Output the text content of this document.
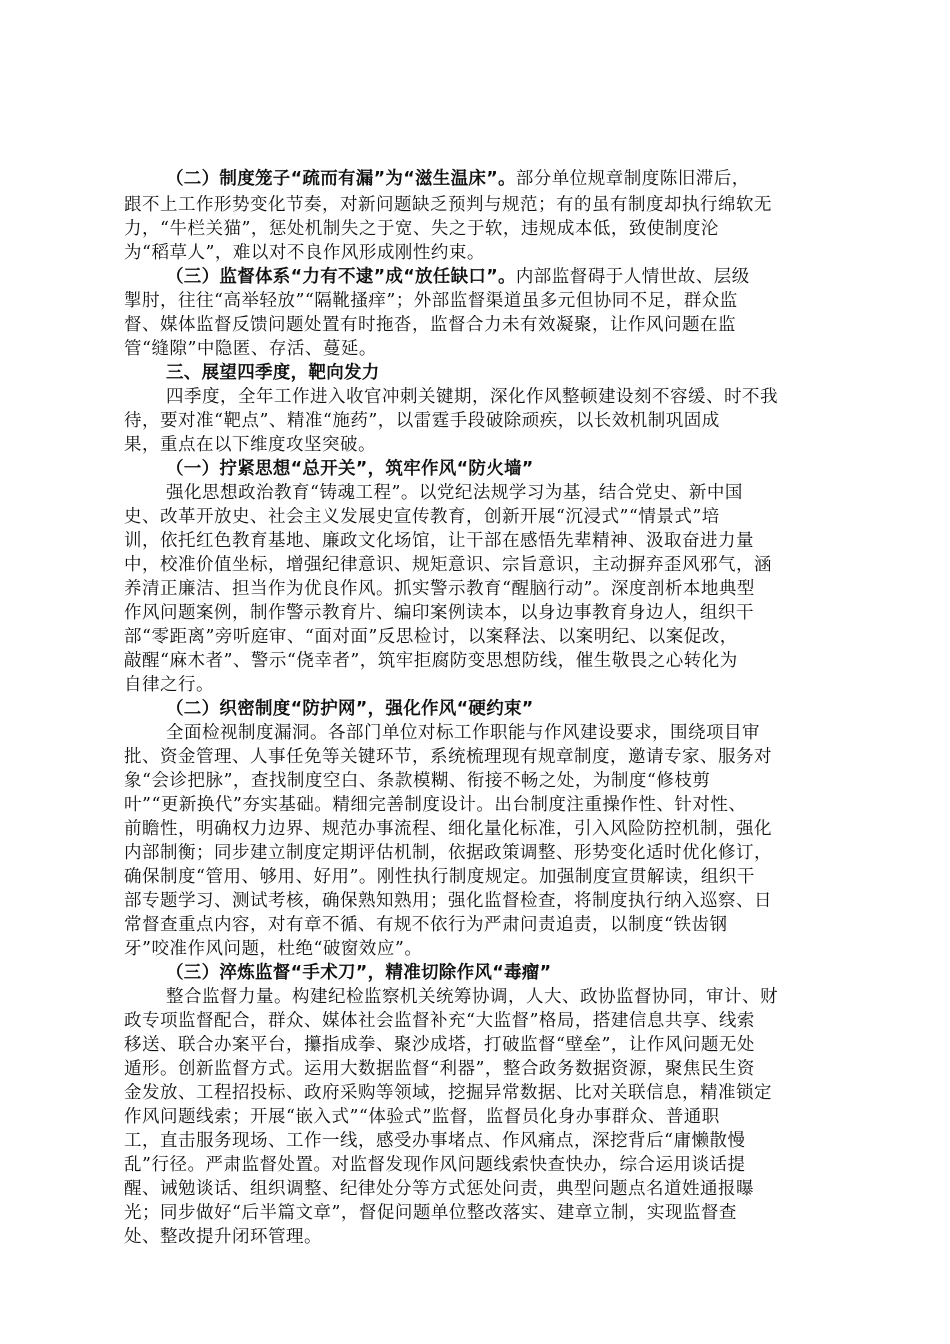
（二）制度笼子“疏而有漏”为“滋生温床”。部分单位规章制度陈旧滞后，
跟不上工作形势变化节奏，对新问题缺乏预判与规范；有的虽有制度却执行绵软无
力，“牛栏关猫”，惩处机制失之于宽、失之于软，违规成本低，致使制度沦
为“稻草人”，难以对不良作风形成刚性约束。
（三）监督体系“力有不逮”成“放任缺口”。内部监督碍于人情世故、层级
掣肘，往往“高举轻放”“隔靴搔痒”；外部监督渠道虽多元但协同不足，群众监
督、媒体监督反馈问题处置有时拖沓，监督合力未有效凝聚，让作风问题在监
管“缝隙”中隐匿、存活、蔓延。
三、展望四季度，靶向发力
四季度，全年工作进入收官冲刺关键期，深化作风整顿建设刻不容缓、时不我
待，要对准“靶点”、精准“施药”，以雷霆手段破除顽疾，以长效机制巩固成
果，重点在以下维度攻坚突破。
（一）拧紧思想“总开关”，筑牢作风“防火墙”
强化思想政治教育“铸魂工程”。以党纪法规学习为基，结合党史、新中国
史、改革开放史、社会主义发展史宣传教育，创新开展“沉浸式”“情景式”培
训，依托红色教育基地、廉政文化场馆，让干部在感悟先辈精神、汲取奋进力量
中，校准价值坐标，增强纪律意识、规矩意识、宗旨意识，主动摒弃歪风邪气，涵
养清正廉洁、担当作为优良作风。抓实警示教育“醒脑行动”。深度剖析本地典型
作风问题案例，制作警示教育片、编印案例读本，以身边事教育身边人，组织干
部“零距离”旁听庭审、“面对面”反思检讨，以案释法、以案明纪、以案促改，
敲醒“麻木者”、警示“侥幸者”，筑牢拒腐防变思想防线，催生敬畏之心转化为
自律之行。
（二）织密制度“防护网”，强化作风“硬约束”
全面检视制度漏洞。各部门单位对标工作职能与作风建设要求，围绕项目审
批、资金管理、人事任免等关键环节，系统梳理现有规章制度，邀请专家、服务对
象“会诊把脉”，查找制度空白、条款模糊、衔接不畅之处，为制度“修枝剪
叶”“更新换代”夯实基础。精细完善制度设计。出台制度注重操作性、针对性、
前瞻性，明确权力边界、规范办事流程、细化量化标准，引入风险防控机制，强化
内部制衡；同步建立制度定期评估机制，依据政策调整、形势变化适时优化修订，
确保制度“管用、够用、好用”。刚性执行制度规定。加强制度宣贯解读，组织干
部专题学习、测试考核，确保熟知熟用；强化监督检查，将制度执行纳入巡察、日
常督查重点内容，对有章不循、有规不依行为严肃问责追责，以制度“铁齿钢
牙”咬准作风问题，杜绝“破窗效应”。
（三）淬炼监督“手术刀”，精准切除作风“毒瘤”
整合监督力量。构建纪检监察机关统筹协调，人大、政协监督协同，审计、财
政专项监督配合，群众、媒体社会监督补充“大监督”格局，搭建信息共享、线索
移送、联合办案平台，攥指成拳、聚沙成塔，打破监督“壁垒”，让作风问题无处
遁形。创新监督方式。运用大数据监督“利器”，整合政务数据资源，聚焦民生资
金发放、工程招投标、政府采购等领域，挖掘异常数据、比对关联信息，精准锁定
作风问题线索；开展“嵌入式”“体验式”监督，监督员化身办事群众、普通职
工，直击服务现场、工作一线，感受办事堵点、作风痛点，深挖背后“庸懒散慢
乱”行径。严肃监督处置。对监督发现作风问题线索快查快办，综合运用谈话提
醒、诫勉谈话、组织调整、纪律处分等方式惩处问责，典型问题点名道姓通报曝
光；同步做好“后半篇文章”，督促问题单位整改落实、建章立制，实现监督查
处、整改提升闭环管理。
